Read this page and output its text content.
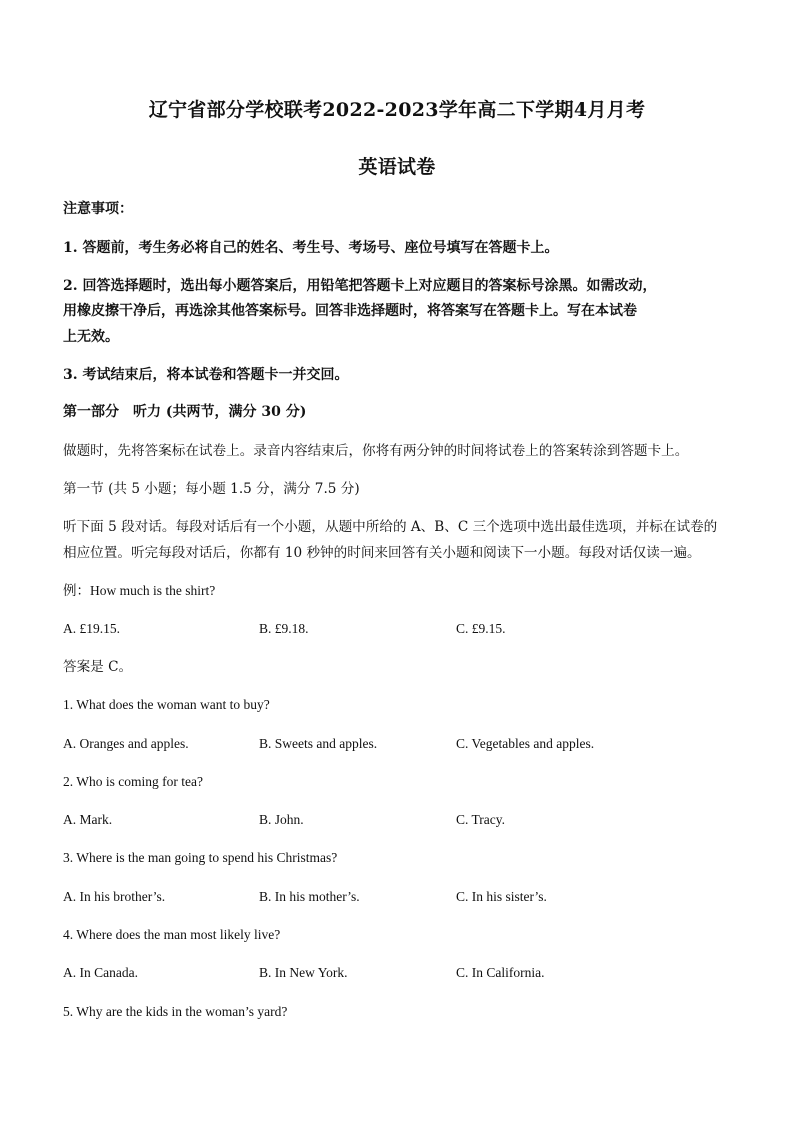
辽宁省部分学校联考2022-2023学年高二下学期4月月考
英语试卷
注意事项：
1. 答题前，考生务必将自己的姓名、考生号、考场号、座位号填写在答题卡上。
2. 回答选择题时，选出每小题答案后，用铅笔把答题卡上对应题目的答案标号涂黑。如需改动，
用橡皮擦干净后，再选涂其他答案标号。回答非选择题时，将答案写在答题卡上。写在本试卷
上无效。
3. 考试结束后，将本试卷和答题卡一并交回。
第一部分　听力 (共两节，满分 30 分)
做题时，先将答案标在试卷上。录音内容结束后，你将有两分钟的时间将试卷上的答案转涂到答题卡上。
第一节 (共 5 小题；每小题 1.5 分，满分 7.5 分)
听下面 5 段对话。每段对话后有一个小题，从题中所给的 A、B、C 三个选项中选出最佳选项，并标在试卷的
相应位置。听完每段对话后，你都有 10 秒钟的时间来回答有关小题和阅读下一小题。每段对话仅读一遍。
例：How much is the shirt?
A. £19.15.	B. £9.18.	C. £9.15.
答案是 C。
1. What does the woman want to buy?
A. Oranges and apples.	B. Sweets and apples.	C. Vegetables and apples.
2. Who is coming for tea?
A. Mark.	B. John.	C. Tracy.
3. Where is the man going to spend his Christmas?
A. In his brother’s.	B. In his mother’s.	C. In his sister’s.
4. Where does the man most likely live?
A. In Canada.	B. In New York.	C. In California.
5. Why are the kids in the woman’s yard?
